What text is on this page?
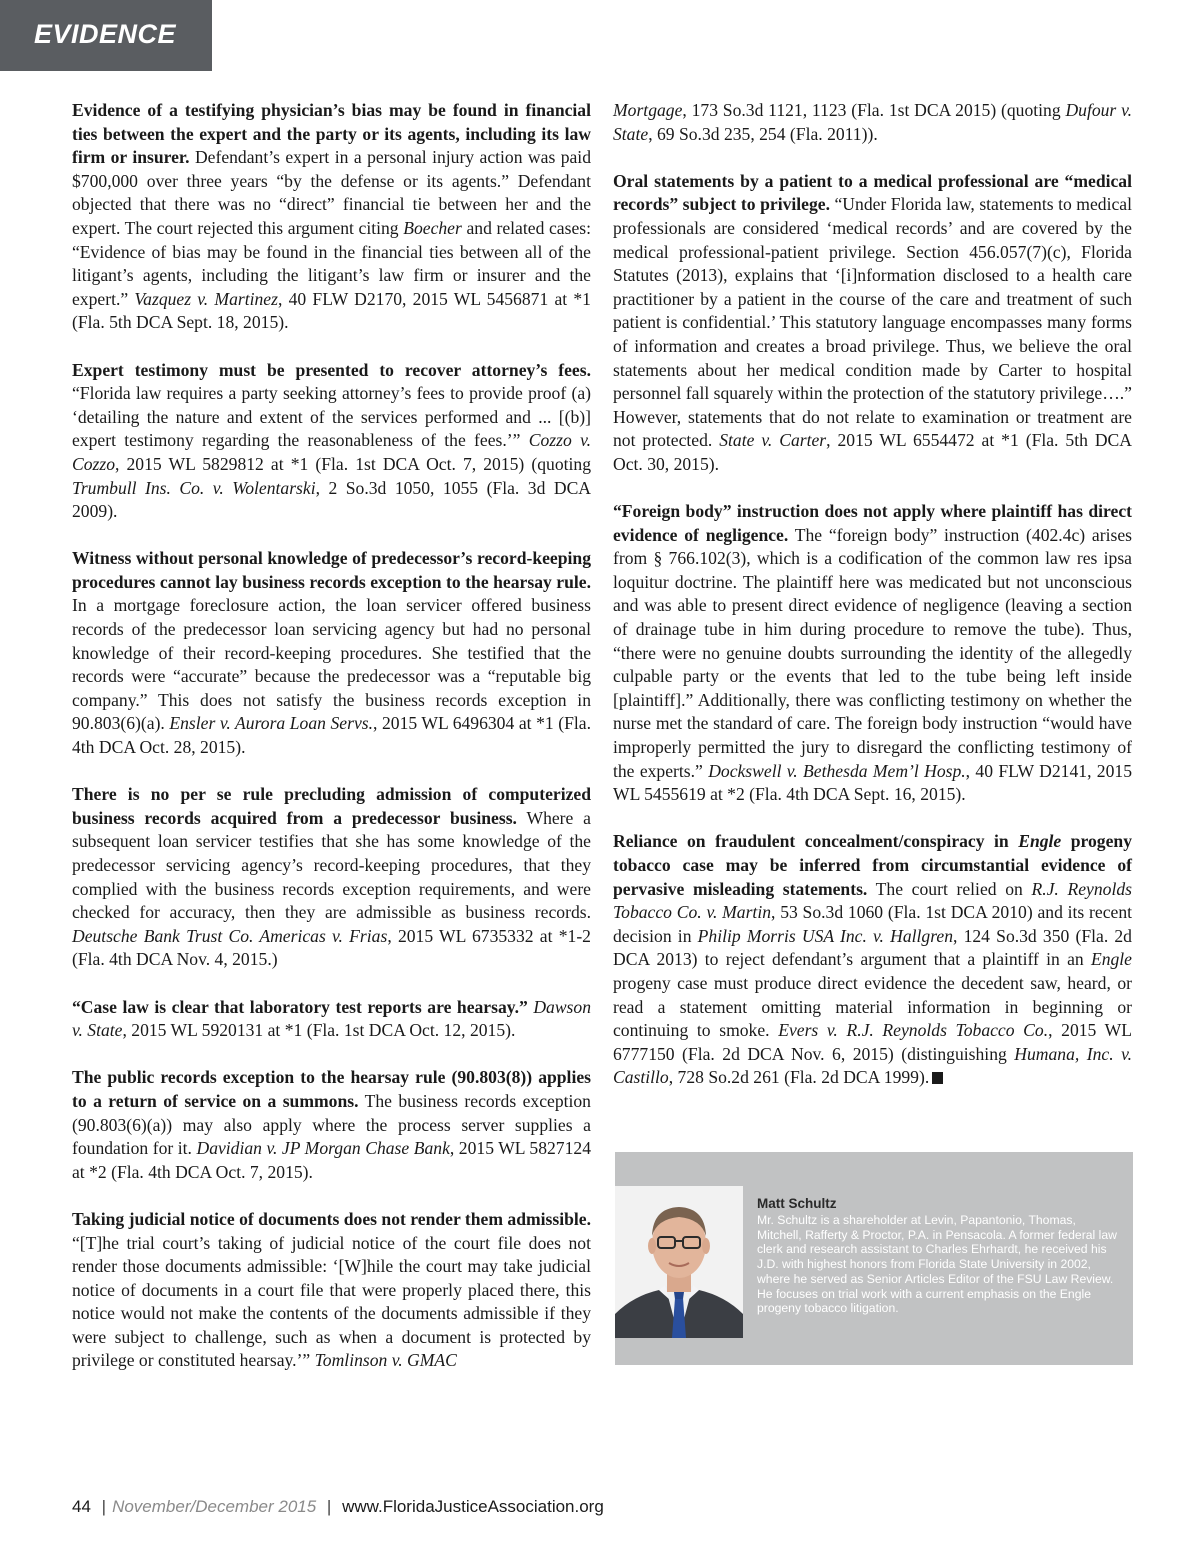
EVIDENCE

Evidence of a testifying physician’s bias may be found in financial ties between the expert and the party or its agents, including its law firm or insurer. Defendant’s expert in a personal injury action was paid $700,000 over three years “by the defense or its agents.” Defendant objected that there was no “direct” financial tie between her and the expert. The court rejected this argument citing Boecher and related cases: “Evidence of bias may be found in the financial ties between all of the litigant’s agents, including the litigant’s law firm or insurer and the expert.” Vazquez v. Martinez, 40 FLW D2170, 2015 WL 5456871 at *1 (Fla. 5th DCA Sept. 18, 2015).

Expert testimony must be presented to recover attorney’s fees. “Florida law requires a party seeking attorney’s fees to provide proof (a) ‘detailing the nature and extent of the services performed and ... [(b)] expert testimony regarding the reasonableness of the fees.’” Cozzo v. Cozzo, 2015 WL 5829812 at *1 (Fla. 1st DCA Oct. 7, 2015) (quoting Trumbull Ins. Co. v. Wolentarski, 2 So.3d 1050, 1055 (Fla. 3d DCA 2009).

Witness without personal knowledge of predecessor’s record-keeping procedures cannot lay business records exception to the hearsay rule. In a mortgage foreclosure action, the loan servicer offered business records of the predecessor loan servicing agency but had no personal knowledge of their record-keeping procedures. She testified that the records were “accurate” because the predecessor was a “reputable big company.” This does not satisfy the business records exception in 90.803(6)(a). Ensler v. Aurora Loan Servs., 2015 WL 6496304 at *1 (Fla. 4th DCA Oct. 28, 2015).

There is no per se rule precluding admission of computerized business records acquired from a predecessor business. Where a subsequent loan servicer testifies that she has some knowledge of the predecessor servicing agency’s record-keeping procedures, that they complied with the business records exception requirements, and were checked for accuracy, then they are admissible as business records. Deutsche Bank Trust Co. Americas v. Frias, 2015 WL 6735332 at *1-2 (Fla. 4th DCA Nov. 4, 2015.)

“Case law is clear that laboratory test reports are hearsay.” Dawson v. State, 2015 WL 5920131 at *1 (Fla. 1st DCA Oct. 12, 2015).

The public records exception to the hearsay rule (90.803(8)) applies to a return of service on a summons. The business records exception (90.803(6)(a)) may also apply where the process server supplies a foundation for it. Davidian v. JP Morgan Chase Bank, 2015 WL 5827124 at *2 (Fla. 4th DCA Oct. 7, 2015).

Taking judicial notice of documents does not render them admissible. “[T]he trial court’s taking of judicial notice of the court file does not render those documents admissible: ‘[W]hile the court may take judicial notice of documents in a court file that were properly placed there, this notice would not make the contents of the documents admissible if they were subject to challenge, such as when a document is protected by privilege or constituted hearsay.’” Tomlinson v. GMAC

Mortgage, 173 So.3d 1121, 1123 (Fla. 1st DCA 2015) (quoting Dufour v. State, 69 So.3d 235, 254 (Fla. 2011)).

Oral statements by a patient to a medical professional are “medical records” subject to privilege. “Under Florida law, statements to medical professionals are considered ‘medical records’ and are covered by the medical professional-patient privilege. Section 456.057(7)(c), Florida Statutes (2013), explains that ‘[i]nformation disclosed to a health care practitioner by a patient in the course of the care and treatment of such patient is confidential.’ This statutory language encompasses many forms of information and creates a broad privilege. Thus, we believe the oral statements about her medical condition made by Carter to hospital personnel fall squarely within the protection of the statutory privilege….” However, statements that do not relate to examination or treatment are not protected. State v. Carter, 2015 WL 6554472 at *1 (Fla. 5th DCA Oct. 30, 2015).

“Foreign body” instruction does not apply where plaintiff has direct evidence of negligence. The “foreign body” instruction (402.4c) arises from § 766.102(3), which is a codification of the common law res ipsa loquitur doctrine. The plaintiff here was medicated but not unconscious and was able to present direct evidence of negligence (leaving a section of drainage tube in him during procedure to remove the tube). Thus, “there were no genuine doubts surrounding the identity of the allegedly culpable party or the events that led to the tube being left inside [plaintiff].” Additionally, there was conflicting testimony on whether the nurse met the standard of care. The foreign body instruction “would have improperly permitted the jury to disregard the conflicting testimony of the experts.” Dockswell v. Bethesda Mem’l Hosp., 40 FLW D2141, 2015 WL 5455619 at *2 (Fla. 4th DCA Sept. 16, 2015).

Reliance on fraudulent concealment/conspiracy in Engle progeny tobacco case may be inferred from circumstantial evidence of pervasive misleading statements. The court relied on R.J. Reynolds Tobacco Co. v. Martin, 53 So.3d 1060 (Fla. 1st DCA 2010) and its recent decision in Philip Morris USA Inc. v. Hallgren, 124 So.3d 350 (Fla. 2d DCA 2013) to reject defendant’s argument that a plaintiff in an Engle progeny case must produce direct evidence the decedent saw, heard, or read a statement omitting material information in beginning or continuing to smoke. Evers v. R.J. Reynolds Tobacco Co., 2015 WL 6777150 (Fla. 2d DCA Nov. 6, 2015) (distinguishing Humana, Inc. v. Castillo, 728 So.2d 261 (Fla. 2d DCA 1999).

Matt Schultz

Mr. Schultz is a shareholder at Levin, Papantonio, Thomas, Mitchell, Rafferty & Proctor, P.A. in Pensacola. A former federal law clerk and research assistant to Charles Ehrhardt, he received his J.D. with highest honors from Florida State University in 2002, where he served as Senior Articles Editor of the FSU Law Review. He focuses on trial work with a current emphasis on the Engle progeny tobacco litigation.

44 | November/December 2015 | www.FloridaJusticeAssociation.org
